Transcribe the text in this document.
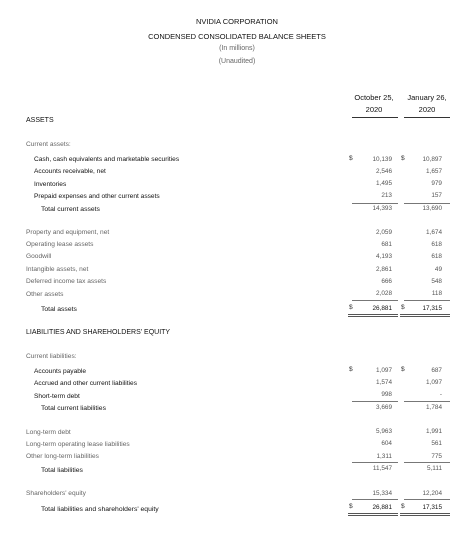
NVIDIA CORPORATION
CONDENSED CONSOLIDATED BALANCE SHEETS
(In millions)
(Unaudited)
October 25,
2020
January 26,
2020
ASSETS
Current assets:
Cash, cash equivalents and marketable securities	$	10,139 $	10,897
Accounts receivable, net	2,546	1,657
Inventories	1,495	979
Prepaid expenses and other current assets	213	157
Total current assets	14,393	13,690
Property and equipment, net	2,059	1,674
Operating lease assets	681	618
Goodwill	4,193	618
Intangible assets, net	2,861	49
Deferred income tax assets	666	548
Other assets	2,028	118
Total assets	$	26,881 $	17,315
LIABILITIES AND SHAREHOLDERS' EQUITY
Current liabilities:
Accounts payable	$	1,097 $	687
Accrued and other current liabilities	1,574	1,097
Short-term debt	998	-
Total current liabilities	3,669	1,784
Long-term debt	5,963	1,991
Long-term operating lease liabilities	604	561
Other long-term liabilities	1,311	775
Total liabilities	11,547	5,111
Shareholders' equity	15,334	12,204
Total liabilities and shareholders' equity	$	26,881 $	17,315
